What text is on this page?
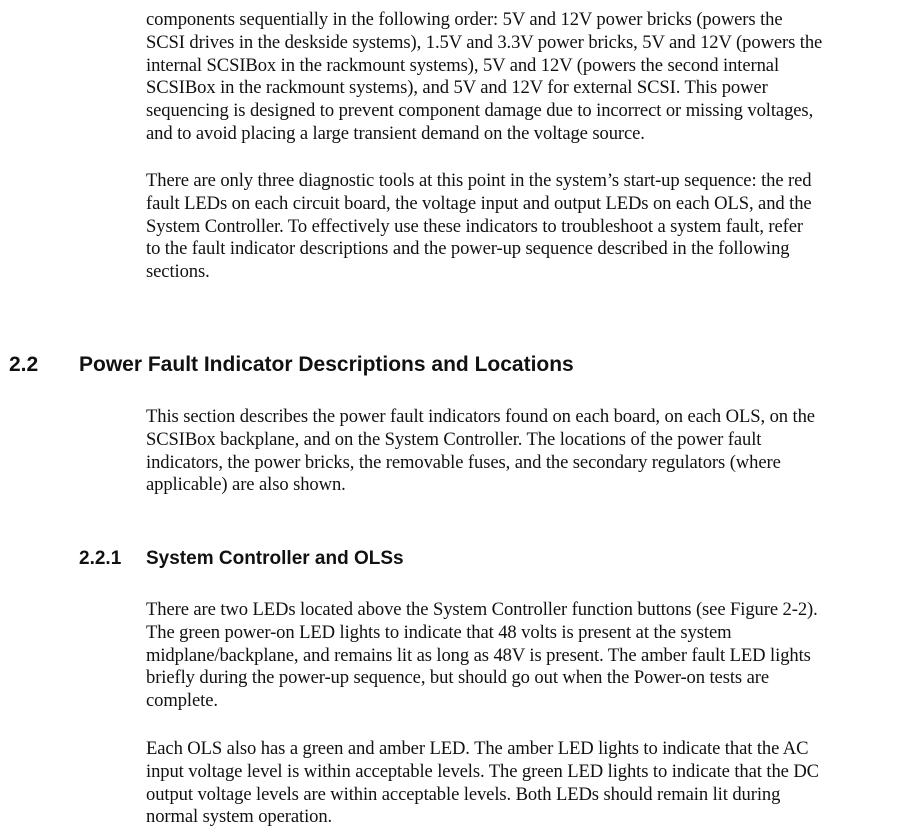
components sequentially in the following order: 5V and 12V power bricks (powers the
SCSI drives in the deskside systems), 1.5V and 3.3V power bricks, 5V and 12V (powers the
internal SCSIBox in the rackmount systems), 5V and 12V (powers the second internal
SCSIBox in the rackmount systems), and 5V and 12V for external SCSI. This power
sequencing is designed to prevent component damage due to incorrect or missing voltages,
and to avoid placing a large transient demand on the voltage source.

There are only three diagnostic tools at this point in the system’s start-up sequence: the red
fault LEDs on each circuit board, the voltage input and output LEDs on each OLS, and the
System Controller. To effectively use these indicators to troubleshoot a system fault, refer
to the fault indicator descriptions and the power-up sequence described in the following
sections.

2.2 Power Fault Indicator Descriptions and Locations

This section describes the power fault indicators found on each board, on each OLS, on the
SCSIBox backplane, and on the System Controller. The locations of the power fault
indicators, the power bricks, the removable fuses, and the secondary regulators (where
applicable) are also shown.

2.2.1 System Controller and OLSs

There are two LEDs located above the System Controller function buttons (see Figure 2-2).
The green power-on LED lights to indicate that 48 volts is present at the system
midplane/backplane, and remains lit as long as 48V is present. The amber fault LED lights
briefly during the power-up sequence, but should go out when the Power-on tests are
complete.

Each OLS also has a green and amber LED. The amber LED lights to indicate that the AC
input voltage level is within acceptable levels. The green LED lights to indicate that the DC
output voltage levels are within acceptable levels. Both LEDs should remain lit during
normal system operation.
